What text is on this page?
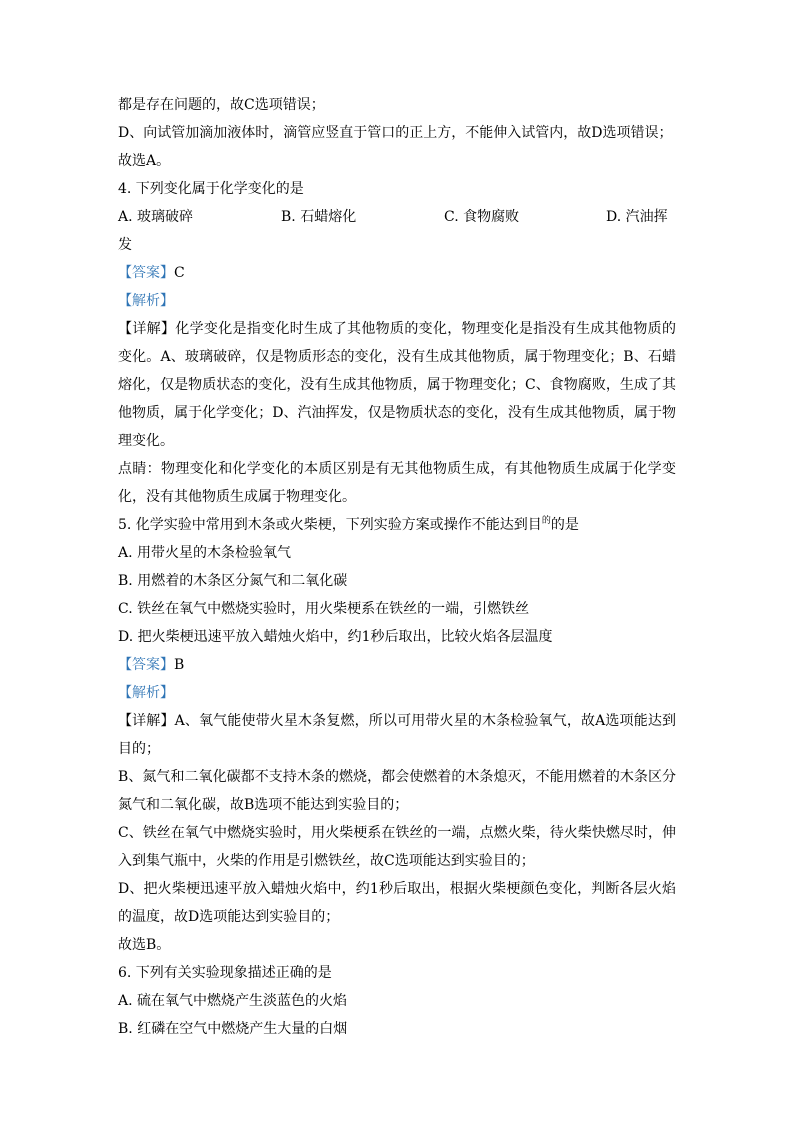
都是存在问题的，故C选项错误；
D、向试管加滴加液体时，滴管应竖直于管口的正上方，不能伸入试管内，故D选项错误；
故选A。
4. 下列变化属于化学变化的是
A. 玻璃破碎	B. 石蜡熔化	C. 食物腐败	D. 汽油挥
发
【答案】C
【解析】
【详解】化学变化是指变化时生成了其他物质的变化，物理变化是指没有生成其他物质的
变化。A、玻璃破碎，仅是物质形态的变化，没有生成其他物质，属于物理变化；B、石蜡
熔化，仅是物质状态的变化，没有生成其他物质，属于物理变化；C、食物腐败，生成了其
他物质，属于化学变化；D、汽油挥发，仅是物质状态的变化，没有生成其他物质，属于物
理变化。
点睛：物理变化和化学变化的本质区别是有无其他物质生成，有其他物质生成属于化学变
化，没有其他物质生成属于物理变化。
5. 化学实验中常用到木条或火柴梗，下列实验方案或操作不能达到目$^的$的是
A. 用带火星的木条检验氧气
B. 用燃着的木条区分氮气和二氧化碳
C. 铁丝在氧气中燃烧实验时，用火柴梗系在铁丝的一端，引燃铁丝
D. 把火柴梗迅速平放入蜡烛火焰中，约1秒后取出，比较火焰各层温度
【答案】B
【解析】
【详解】A、氧气能使带火星木条复燃，所以可用带火星的木条检验氧气，故A选项能达到
目的；
B、氮气和二氧化碳都不支持木条的燃烧，都会使燃着的木条熄灭，不能用燃着的木条区分
氮气和二氧化碳，故B选项不能达到实验目的；
C、铁丝在氧气中燃烧实验时，用火柴梗系在铁丝的一端，点燃火柴，待火柴快燃尽时，伸
入到集气瓶中，火柴的作用是引燃铁丝，故C选项能达到实验目的；
D、把火柴梗迅速平放入蜡烛火焰中，约1秒后取出，根据火柴梗颜色变化，判断各层火焰
的温度，故D选项能达到实验目的；
故选B。
6. 下列有关实验现象描述正确的是
A. 硫在氧气中燃烧产生淡蓝色的火焰
B. 红磷在空气中燃烧产生大量的白烟
